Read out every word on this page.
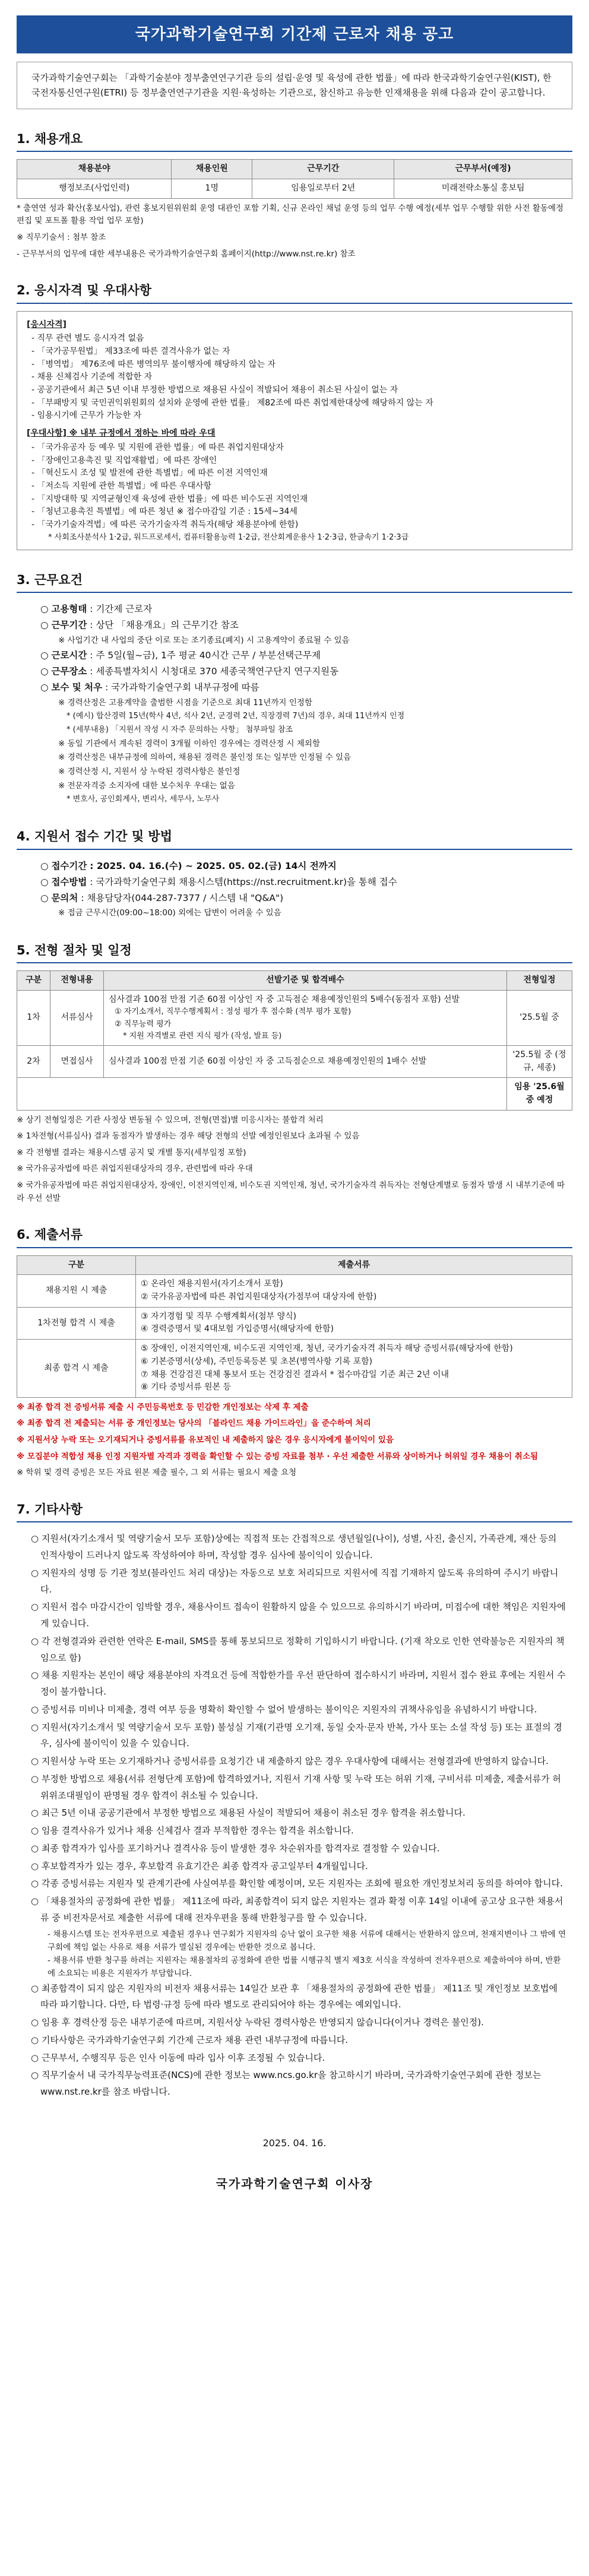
국가과학기술연구회 기간제 근로자 채용 공고
국가과학기술연구회는 「과학기술분야 정부출연연구기관 등의 설립·운영 및 육성에 관한 법률」에 따라 한국과학기술연구원(KIST), 한국전자통신연구원(ETRI) 등 정부출연연구기관을 지원·육성하는 기관으로, 참신하고 유능한 인재채용을 위해 다음과 같이 공고합니다.
1. 채용개요
채용분야	채용인원	근무기간	근무부서(예정)
행정보조(사업인력)	1명	임용일로부터 2년	미래전략소통실 홍보팀
* 출연연 성과 확산(홍보사업), 관련 홍보지원위원회 운영 대관인 포함 기획, 신규 온라인 채널 운영 등의 업무 수행 예정(세부 업무 수행할 위한 사전 활동예정 편집 및 포트폴 활용 작업 업무 포함)
※ 직무기술서 : 첨부 참조
- 근무부서의 업무에 대한 세부내용은 국가과학기술연구회 홈페이지(http://www.nst.re.kr) 참조
2. 응시자격 및 우대사항
[응시자격]
- 직무 관련 별도 응시자격 없음
- 「국가공무원법」 제33조에 따른 결격사유가 없는 자
- 「병역법」 제76조에 따른 병역의무 불이행자에 해당하지 않는 자
- 채용 신체검사 기준에 적합한 자
- 공공기관에서 최근 5년 이내 부정한 방법으로 채용된 사실이 적발되어 채용이 취소된 사실이 없는 자
- 「부패방지 및 국민권익위원회의 설치와 운영에 관한 법률」 제82조에 따른 취업제한대상에 해당하지 않는 자
- 임용시기에 근무가 가능한 자
[우대사항] ※ 내부 규정에서 정하는 바에 따라 우대
- 「국가유공자 등 예우 및 지원에 관한 법률」에 따른 취업지원대상자
- 「장애인고용촉진 및 직업재활법」에 따른 장애인
- 「혁신도시 조성 및 발전에 관한 특별법」에 따른 이전 지역인재
- 「저소득 지원에 관한 특별법」에 따른 우대사항
- 「지방대학 및 지역균형인재 육성에 관한 법률」에 따른 비수도권 지역인재
- 「청년고용촉진 특별법」에 따른 청년 ※ 접수마감일 기준 : 15세~34세
- 「국가기술자격법」에 따른 국가기술자격 취득자(해당 채용분야에 한함)
* 사회조사분석사 1·2급, 워드프로세서, 컴퓨터활용능력 1·2급, 전산회계운용사 1·2·3급, 한글속기 1·2·3급
3. 근무요건
○ 고용형태 : 기간제 근로자
○ 근무기간 : 상단 「채용개요」의 근무기간 참조
※ 사업기간 내 사업의 중단 이로 또는 조기종료(폐지) 시 고용계약이 종료될 수 있음
○ 근로시간 : 주 5일(월~금), 1주 평균 40시간 근무 / 부분선택근무제
○ 근무장소 : 세종특별자치시 시청대로 370 세종국책연구단지 연구지원동
○ 보수 및 처우 : 국가과학기술연구회 내부규정에 따름
※ 경력산정은 고용계약을 출범한 시점을 기준으로 최대 11년까지 인정함
* (예시) 합산경력 15년(학사 4년, 석사 2년, 군경력 2년, 직장경력 7년)의 경우, 최대 11년까지 인정
* (세부내용) 「지원서 작성 시 자주 문의하는 사항」 첨부파일 참조
※ 동일 기관에서 계속된 경력이 3개월 이하인 경우에는 경력산정 시 제외함
※ 경력산정은 내부규정에 의하여, 채용된 경력은 불인정 또는 일부만 인정될 수 있음
※ 경력산정 시, 지원서 상 누락된 경력사항은 불인정
※ 전문자격증 소지자에 대한 보수처우 우대는 없음
* 변호사, 공인회계사, 변리사, 세무사, 노무사
4. 지원서 접수 기간 및 방법
○ 접수기간 : 2025. 04. 16.(수) ~ 2025. 05. 02.(금) 14시 전까지
○ 접수방법 : 국가과학기술연구회 채용시스템(https://nst.recruitment.kr)을 통해 접수
○ 문의처 : 채용담당자(044-287-7377 / 시스템 내 "Q&A")
※ 접금 근무시간(09:00~18:00) 외에는 답변이 어려울 수 있음
5. 전형 절차 및 일정
구분	전형내용	선발기준 및 합격배수	전형일정
1차	서류심사	심사결과 100점 만점 기준 60점 이상인 자 중 고득점순 채용예정인원의 5배수(동점자 포함) 선발
① 자기소개서, 직무수행계획서 : 정성 평가 후 점수화 (적부 평가 포함)
② 직무능력 평가
* 지원 자격별로 관련 지식 평가 (작성, 발표 등)	'25.5월 중
2차	면접심사	심사결과 100점 만점 기준 60점 이상인 자 중 고득점순으로 채용예정인원의 1배수 선발	'25.5월 중 (정규, 세종)
			임용 '25.6월 중 예정
※ 상기 전형일정은 기관 사정상 변동될 수 있으며, 전형(면접)별 미응시자는 불합격 처리
※ 1차전형(서류심사) 결과 동점자가 발생하는 경우 해당 전형의 선발 예정인원보다 초과될 수 있음
※ 각 전형별 결과는 채용시스템 공지 및 개별 통지(세부일정 포함)
※ 국가유공자법에 따른 취업지원대상자의 경우, 관련법에 따라 우대
※ 국가유공자법에 따른 취업지원대상자, 장애인, 이전지역인재, 비수도권 지역인재, 청년, 국가기술자격 취득자는 전형단계별로 동점자 발생 시 내부기준에 따라 우선 선발
6. 제출서류
구분	제출서류
채용지원 시 제출	① 온라인 채용지원서(자기소개서 포함)
② 국가유공자법에 따른 취업지원대상자(가점부여 대상자에 한함)

1차전형 합격 시 제출	③ 자기경험 및 직무 수행계획서(첨부 양식)
④ 경력증명서 및 4대보험 가입증명서(해당자에 한함)

최종 합격 시 제출	⑤ 장애인, 이전지역인재, 비수도권 지역인재, 청년, 국가기술자격 취득자 해당 증빙서류(해당자에 한함)
⑥ 기본증명서(상세), 주민등록등본 및 초본(병역사항 기록 포함)
⑦ 채용 건강검진 대체 통보서 또는 건강검진 결과서 * 접수마감일 기준 최근 2년 이내
⑧ 기타 증빙서류 원본 등
※ 최종 합격 전 증빙서류 제출 시 주민등록번호 등 민감한 개인정보는 삭제 후 제출
※ 최종 합격 전 제출되는 서류 중 개인정보는 당사의 「블라인드 채용 가이드라인」을 준수하여 처리
※ 지원서상 누락 또는 오기재되거나 증빙서류를 유보적인 내 제출하지 않은 경우 응시자에게 불이익이 있음
※ 모집분야 적합성 채용 인정 지원자별 자격과 경력을 확인할 수 있는 증빙 자료를 첨부 · 우선 제출한 서류와 상이하거나 허위일 경우 채용이 취소됨
※ 학위 및 경력 증빙은 모든 자료 원본 제출 필수, 그 외 서류는 필요시 제출 요청
7. 기타사항
○ 지원서(자기소개서 및 역량기술서 모두 포함)상에는 직접적 또는 간접적으로 생년월일(나이), 성별, 사진, 출신지, 가족관계, 재산 등의 인적사항이 드러나지 않도록 작성하여야 하며, 작성할 경우 심사에 불이익이 있습니다.
○ 지원자의 성명 등 기관 정보(블라인드 처리 대상)는 자동으로 보호 처리되므로 지원서에 직접 기재하지 않도록 유의하여 주시기 바랍니다.
○ 지원서 접수 마감시간이 임박할 경우, 채용사이트 접속이 원활하지 않을 수 있으므로 유의하시기 바라며, 미접수에 대한 책임은 지원자에게 있습니다.
○ 각 전형결과와 관련한 연락은 E-mail, SMS를 통해 통보되므로 정확히 기입하시기 바랍니다. (기재 착오로 인한 연락불능은 지원자의 책임으로 함)
○ 채용 지원자는 본인이 해당 채용분야의 자격요건 등에 적합한가를 우선 판단하여 접수하시기 바라며, 지원서 접수 완료 후에는 지원서 수정이 불가합니다.
○ 증빙서류 미비나 미제출, 경력 여부 등을 명확히 확인할 수 없어 발생하는 불이익은 지원자의 귀책사유임을 유념하시기 바랍니다.
○ 지원서(자기소개서 및 역량기술서 모두 포함) 불성실 기재(기관명 오기재, 동일 숫자·문자 반복, 가사 또는 소설 작성 등) 또는 표절의 경우, 심사에 불이익이 있을 수 있습니다.
○ 지원서상 누락 또는 오기재하거나 증빙서류를 요청기간 내 제출하지 않은 경우 우대사항에 대해서는 전형결과에 반영하지 않습니다.
○ 부정한 방법으로 채용(서류 전형단계 포함)에 합격하였거나, 지원서 기재 사항 및 누락 또는 허위 기재, 구비서류 미제출, 제출서류가 허위위조대필임이 판명될 경우 합격이 취소될 수 있습니다.
○ 최근 5년 이내 공공기관에서 부정한 방법으로 채용된 사실이 적발되어 채용이 취소된 경우 합격을 취소합니다.
○ 임용 결격사유가 있거나 채용 신체검사 결과 부적합한 경우는 합격을 취소합니다.
○ 최종 합격자가 입사를 포기하거나 결격사유 등이 발생한 경우 차순위자를 합격자로 결정할 수 있습니다.
○ 후보합격자가 있는 경우, 후보합격 유효기간은 최종 합격자 공고일부터 4개월입니다.
○ 각종 증빙서류는 지원자 및 관계기관에 사실여부를 확인할 예정이며, 모든 지원자는 조회에 필요한 개인정보처리 동의를 하여야 합니다.
○ 「채용절차의 공정화에 관한 법률」 제11조에 따라, 최종합격이 되지 않은 지원자는 결과 확정 이후 14일 이내에 공고상 요구한 채용서류 중 비전자문서로 제출한 서류에 대해 전자우편을 통해 반환청구를 할 수 있습니다.
- 채용시스템 또는 전자우편으로 제출된 경우나 연구회가 지원자의 승낙 없이 요구한 채용 서류에 대해서는 반환하지 않으며, 천재지변이나 그 밖에 연구회에 책임 없는 사유로 채용 서류가 멸실된 경우에는 반환한 것으로 봅니다.
- 채용서류 반환 청구를 하려는 지원자는 채용절차의 공정화에 관한 법률 시행규칙 별지 제3호 서식을 작성하여 전자우편으로 제출하여야 하며, 반환에 소요되는 비용은 지원자가 부담합니다.
○ 최종합격이 되지 않은 지원자의 비전자 채용서류는 14일간 보관 후 「채용절차의 공정화에 관한 법률」 제11조 및 개인정보 보호법에 따라 파기합니다. 다만, 타 법령·규정 등에 따라 별도로 관리되어야 하는 경우에는 예외입니다.
○ 임용 후 경력산정 등은 내부기준에 따르며, 지원서상 누락된 경력사항은 반영되지 않습니다(이거나 경력은 불인정).
○ 기타사항은 국가과학기술연구회 기간제 근로자 채용 관련 내부규정에 따릅니다.
○ 근무부서, 수행직무 등은 인사 이동에 따라 입사 이후 조정될 수 있습니다.
○ 직무기술서 내 국가직무능력표준(NCS)에 관한 정보는 www.ncs.go.kr을 참고하시기 바라며, 국가과학기술연구회에 관한 정보는 www.nst.re.kr를 참조 바랍니다.
2025. 04. 16.
국가과학기술연구회 이사장
